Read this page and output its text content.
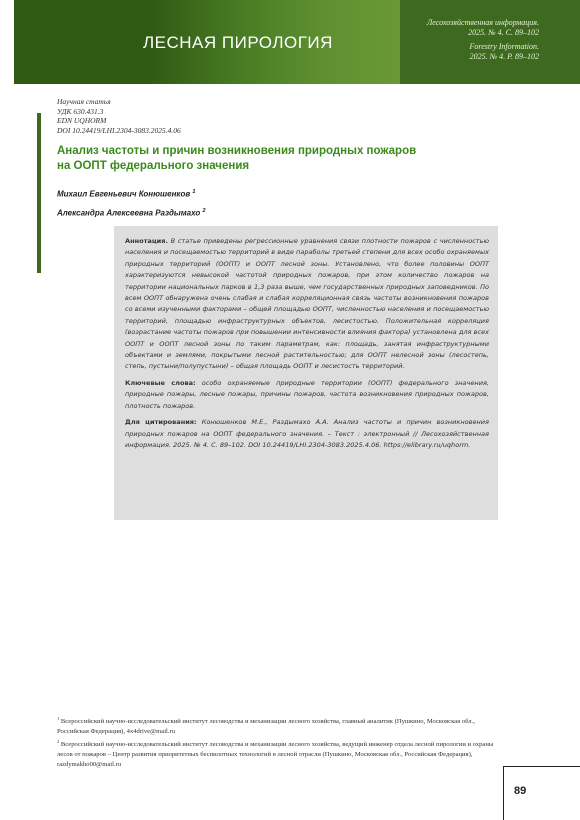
ЛЕСНАЯ ПИРОЛОГИЯ
Лесохозяйственная информация.
2025. № 4. С. 89–102
Forestry Information.
2025. № 4. P. 89–102
Научная статья
УДК 630.431.3
EDN UQHORM
DOI 10.24419/LHI.2304-3083.2025.4.06
Анализ частоты и причин возникновения природных пожаров
на ООПТ федерального значения
Михаил Евгеньевич Конюшенков $^1$
Александра Алексеевна Раздымахо $^2$

Аннотация. В статье приведены регрессионные уравнения связи плотности пожаров с численностью населения и посещаемостью территорий в виде параболы третьей степени для всех особо охраняемых природных территорий (ООПТ) и ООПТ лесной зоны. Установлено, что более половины ООПТ характеризуются невысокой частотой природных пожаров, при этом количество пожаров на территории национальных парков в 1,3 раза выше, чем государственных природных заповедников. По всем ООПТ обнаружена очень слабая и слабая корреляционная связь частоты возникновения пожаров со всеми изученными факторами – общей площадью ООПТ, численностью населения и посещаемостью территорий, площадью инфраструктурных объектов, лесистостью. Положительная корреляция (возрастание частоты пожаров при повышении интенсивности влияния фактора) установлена для всех ООПТ и ООПТ лесной зоны по таким параметрам, как: площадь, занятая инфраструктурными объектами и землями, покрытыми лесной растительностью; для ООПТ нелесной зоны (лесостепь, степь, пустыни/полупустыни) – общая площадь ООПТ и лесистость территорий.

Ключевые слова: особо охраняемые природные территории (ООПТ) федерального значения, природные пожары, лесные пожары, причины пожаров, частота возникновения природных пожаров, плотность пожаров.

Для цитирования: Конюшенков М.Е., Раздымахо А.А. Анализ частоты и причин возникновения природных пожаров на ООПТ федерального значения. – Текст : электронный // Лесохозяйственная информация. 2025. № 4. С. 89–102. DOI 10.24419/LHI.2304-3083.2025.4.06. https://elibrary.ru/uqhorm.

$^1$ Всероссийский научно-исследовательский институт лесоводства и механизации лесного хозяйства, главный аналитик (Пушкино, Московская обл., Российская Федерация), 4x4drive@mail.ru

$^2$ Всероссийский научно-исследовательский институт лесоводства и механизации лесного хозяйства, ведущий инженер отдела лесной пирологии и охраны лесов от пожаров – Центр развития приоритетных беспилотных технологий в лесной отрасли (Пушкино, Московская обл., Российская Федерация), razdymakho00@mail.ru

89
